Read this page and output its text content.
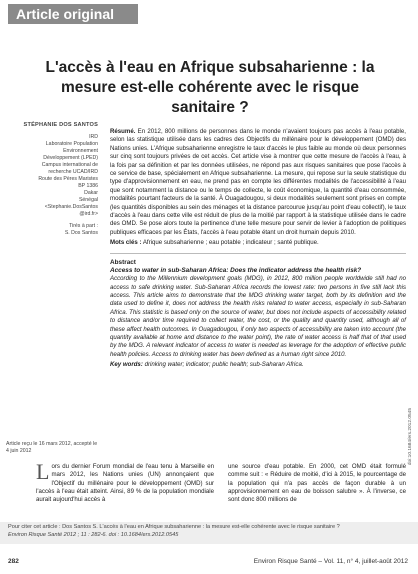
Article original
L'accès à l'eau en Afrique subsaharienne : la mesure est-elle cohérente avec le risque sanitaire ?

STÉPHANIE DOS SANTOS

IRD
Laboratoire Population
Environnement
Développement (LPED)
Campus international de
recherche UCAD/IRD
Route des Pères Maristes
BP 1386
Dakar
Sénégal
<Stephanie.DosSantos
@ird.fr>

Tirés à part :
S. Dos Santos

Article reçu le 16 mars 2012, accepté le 4 juin 2012

Résumé. En 2012, 800 millions de personnes dans le monde n'avaient toujours pas accès à l'eau potable, selon las statistique utilisée dans les cadres des Objectifs du millénaire pour le développement (OMD) des Nations unies. L'Afrique subsaharienne enregistre le taux d'accès le plus faible au monde où deux personnes sur cinq sont toujours privées de cet accès. Cet article vise à montrer que cette mesure de l'accès à l'eau, à la fois par sa définition et par les données utilisées, ne répond pas aux risques sanitaires que pose l'accès à ce service de base, spécialement en Afrique subsaharienne. La mesure, qui repose sur la seule statistique du type d'approvisionnement en eau, ne prend pas en compte les différentes modalités de l'accessibilité à l'eau que sont notamment la distance ou le temps de collecte, le coût économique, la quantité d'eau consommée, modalités pourtant facteurs de la santé. À Ouagadougou, si deux modalités seulement sont prises en compte (les quantités disponibles au sein des ménages et la distance parcourue jusqu'au point d'eau collectif), le taux d'accès à l'eau dans cette ville est réduit de plus de la moitié par rapport à la statistique utilisée dans le cadre des OMD. Se pose alors toute la pertinence d'une telle mesure pour servir de levier à l'adoption de politiques publiques efficaces par les États, l'accès à l'eau potable étant un droit humain depuis 2010.

Mots clés : Afrique subsaharienne ; eau potable ; indicateur ; santé publique.

Abstract

Access to water in sub-Saharan Africa: Does the indicator address the health risk?

According to the Millennium development goals (MDG), in 2012, 800 million people worldwide still had no access to safe drinking water. Sub-Saharan Africa records the lowest rate: two persons in five still lack this access. This article aims to demonstrate that the MDG drinking water target, both by its definition and the data used to define it, does not address the health risks related to water access, especially in sub-Saharan Africa. This statistic is based only on the source of water, but does not include aspects of accessibility related to distance and/or time required to collect water, the cost, or the quality and quantity used, although all of these affect health outcomes. In Ouagadougou, if only two aspects of accessibility are taken into account (the quantity available at home and distance to the water point), the rate of water access is half that of that used by the MDG. A relevant indicator of access to water is needed as leverage for the adoption of effective public health policies. Access to drinking water has been defined as a human right since 2010.

Key words: drinking water; indicator; public health; sub-Saharan Africa.

L ors du dernier Forum mondial de l'eau tenu à Marseille en mars 2012, les Nations unies (UN) annonçaient que l'Objectif du millénaire pour le développement (OMD) sur l'accès à l'eau était atteint. Ainsi, 89 % de la population mondiale aurait aujourd'hui accès à
une source d'eau potable. En 2000, cet OMD était formulé comme suit : « Réduire de moitié, d'ici à 2015, le pourcentage de la population qui n'a pas accès de façon durable à un approvisionnement en eau de boisson salubre ». À l'inverse, ce sont donc 800 millions de
doi:10.1684/ers.2012.0545
Pour citer cet article : Dos Santos S. L'accès à l'eau en Afrique subsaharienne : la mesure est-elle cohérente avec le risque sanitaire ?
Environ Risque Santé 2012 ; 11 : 282-6. doi : 10.1684/ers.2012.0545
282	Environ Risque Santé – Vol. 11, n° 4, juillet-août 2012
